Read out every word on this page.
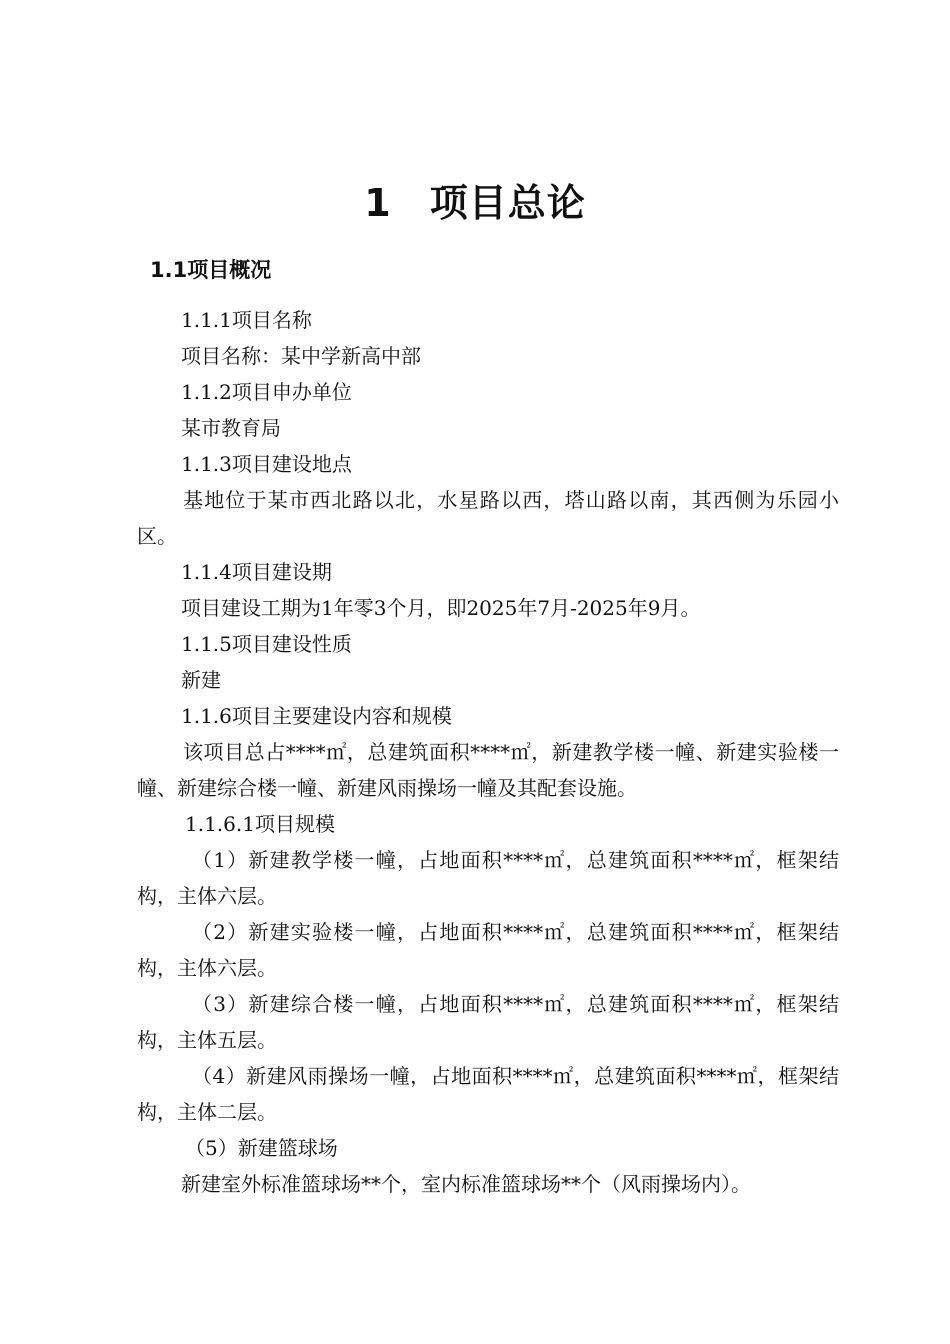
1 项目总论
1.1项目概况

1.1.1项目名称

项目名称：某中学新高中部

1.1.2项目申办单位

某市教育局

1.1.3项目建设地点

基地位于某市西北路以北，水星路以西，塔山路以南，其西侧为乐园小区。

1.1.4项目建设期

项目建设工期为1年零3个月，即2025年7月-2025年9月。

1.1.5项目建设性质

新建

1.1.6项目主要建设内容和规模

该项目总占****㎡，总建筑面积****㎡，新建教学楼一幢、新建实验楼一幢、新建综合楼一幢、新建风雨操场一幢及其配套设施。

1.1.6.1项目规模

（1）新建教学楼一幢，占地面积****㎡，总建筑面积****㎡，框架结构，主体六层。

（2）新建实验楼一幢，占地面积****㎡，总建筑面积****㎡，框架结构，主体六层。

（3）新建综合楼一幢，占地面积****㎡，总建筑面积****㎡，框架结构，主体五层。

（4）新建风雨操场一幢，占地面积****㎡，总建筑面积****㎡，框架结构，主体二层。

（5）新建篮球场

新建室外标准篮球场**个，室内标准篮球场**个（风雨操场内）。
